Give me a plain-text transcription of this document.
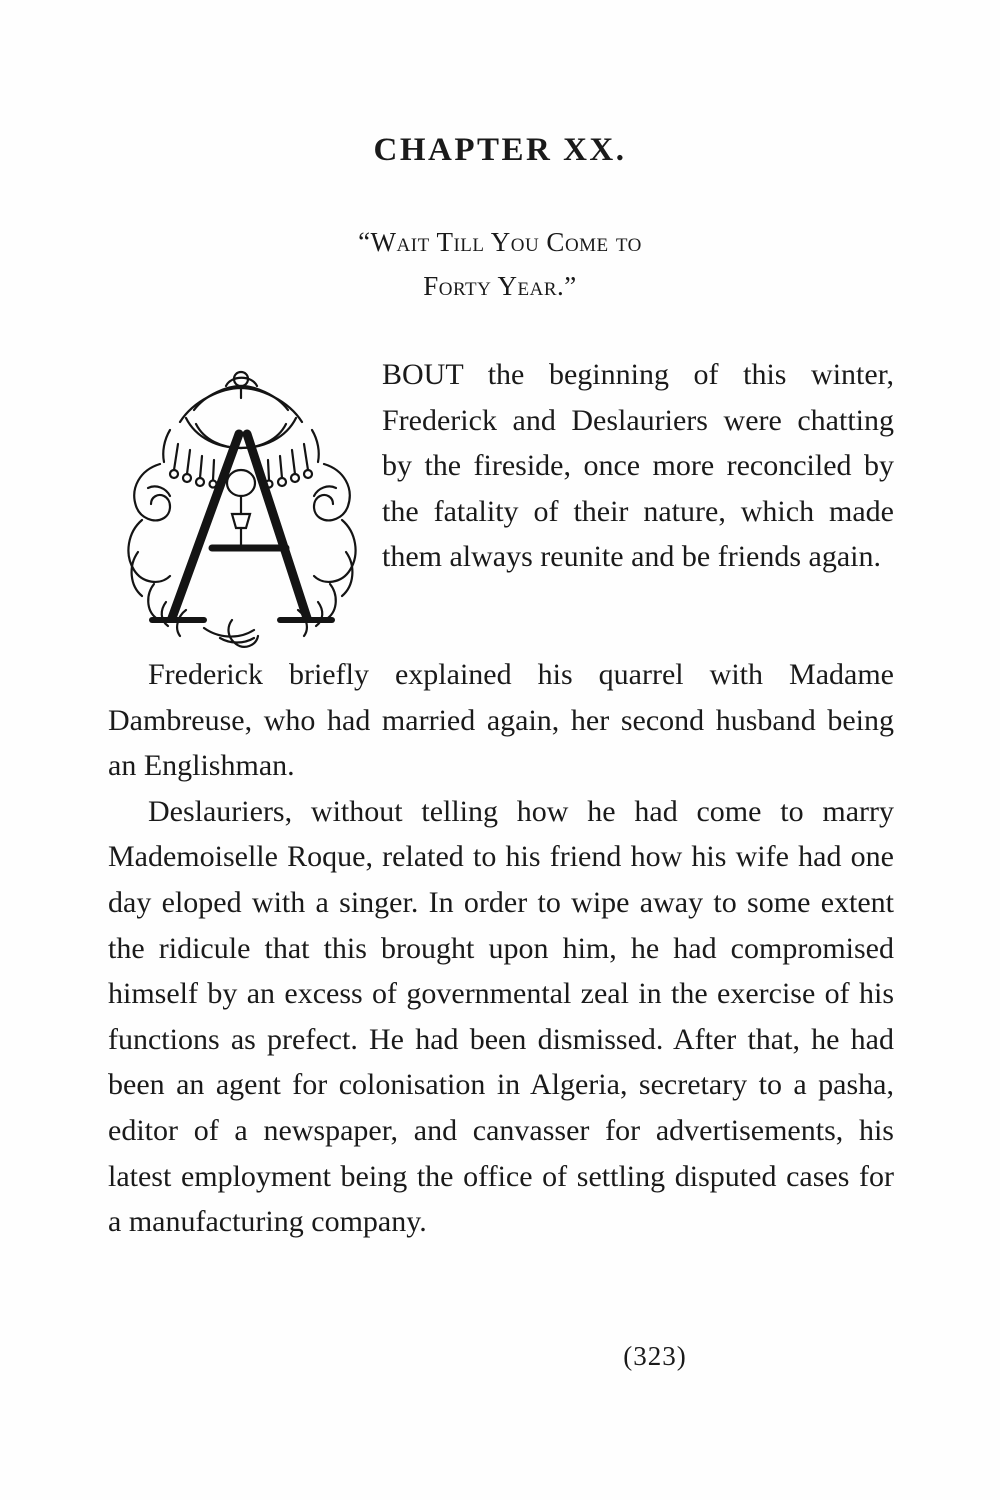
CHAPTER XX.
“Wait Till You Come to
Forty Year.”
BOUT the beginning of this winter, Frederick and Deslauriers were chatting by the fireside, once more reconciled by the fatality of their nature, which made them always reunite and be friends again.

Frederick briefly explained his quarrel with Madame Dambreuse, who had married again, her second husband being an Englishman.

Deslauriers, without telling how he had come to marry Mademoiselle Roque, related to his friend how his wife had one day eloped with a singer. In order to wipe away to some extent the ridicule that this brought upon him, he had compromised himself by an excess of governmental zeal in the exercise of his functions as prefect. He had been dismissed. After that, he had been an agent for colonisation in Algeria, secretary to a pasha, editor of a newspaper, and canvasser for advertisements, his latest employment being the office of settling disputed cases for a manufacturing company.

(323)
